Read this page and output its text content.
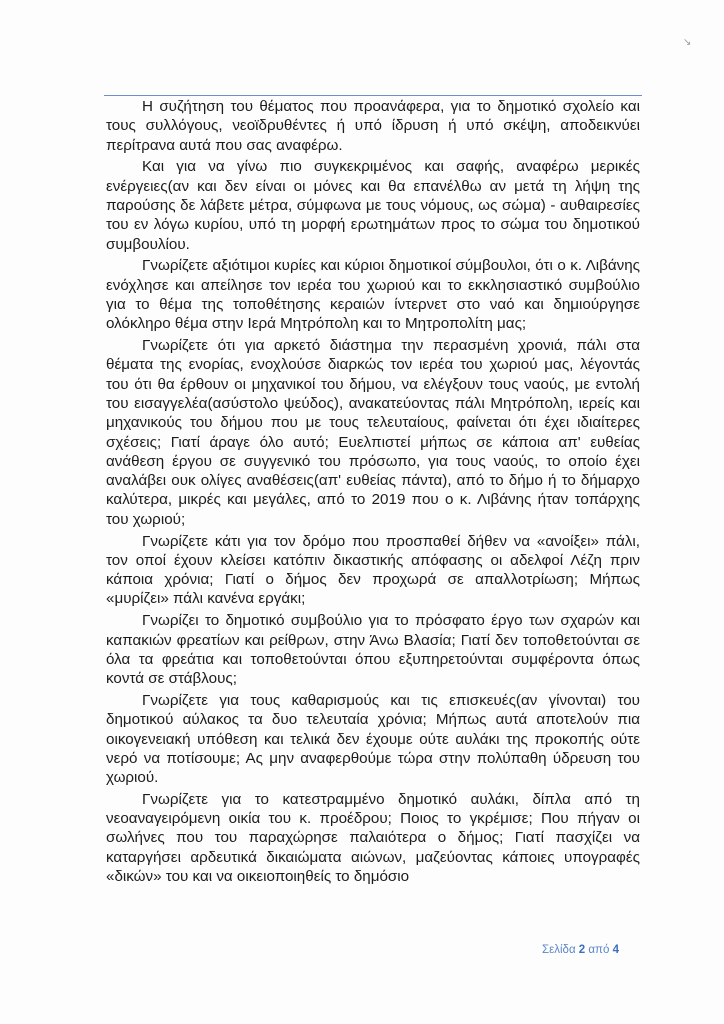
↘

Η συζήτηση του θέματος που προανάφερα, για το δημοτικό σχολείο και τους συλλόγους, νεοϊδρυθέντες ή υπό ίδρυση ή υπό σκέψη, αποδεικνύει περίτρανα αυτά που σας αναφέρω.

Και για να γίνω πιο συγκεκριμένος και σαφής, αναφέρω μερικές ενέργειες(αν και δεν είναι οι μόνες και θα επανέλθω αν μετά τη λήψη της παρούσης δε λάβετε μέτρα, σύμφωνα με τους νόμους, ως σώμα) - αυθαιρεσίες του εν λόγω κυρίου, υπό τη μορφή ερωτημάτων προς το σώμα του δημοτικού συμβουλίου.

Γνωρίζετε αξιότιμοι κυρίες και κύριοι δημοτικοί σύμβουλοι, ότι ο κ. Λιβάνης ενόχλησε και απείλησε τον ιερέα του χωριού και το εκκλησιαστικό συμβούλιο για το θέμα της τοποθέτησης κεραιών ίντερνετ στο ναό και δημιούργησε ολόκληρο θέμα στην Ιερά Μητρόπολη και το Μητροπολίτη μας;

Γνωρίζετε ότι για αρκετό διάστημα την περασμένη χρονιά, πάλι στα θέματα της ενορίας, ενοχλούσε διαρκώς τον ιερέα του χωριού μας, λέγοντάς του ότι θα έρθουν οι μηχανικοί του δήμου, να ελέγξουν τους ναούς, με εντολή του εισαγγελέα(ασύστολο ψεύδος), ανακατεύοντας πάλι Μητρόπολη, ιερείς και μηχανικούς του δήμου που με τους τελευταίους, φαίνεται ότι έχει ιδιαίτερες σχέσεις; Γιατί άραγε όλο αυτό; Ευελπιστεί μήπως σε κάποια απ' ευθείας ανάθεση έργου σε συγγενικό του πρόσωπο, για τους ναούς, το οποίο έχει αναλάβει ουκ ολίγες αναθέσεις(απ' ευθείας πάντα), από το δήμο ή το δήμαρχο καλύτερα, μικρές και μεγάλες, από το 2019 που ο κ. Λιβάνης ήταν τοπάρχης του χωριού;

Γνωρίζετε κάτι για τον δρόμο που προσπαθεί δήθεν να «ανοίξει» πάλι, τον οποί έχουν κλείσει κατόπιν δικαστικής απόφασης οι αδελφοί Λέζη πριν κάποια χρόνια; Γιατί ο δήμος δεν προχωρά σε απαλλοτρίωση; Μήπως «μυρίζει» πάλι κανένα εργάκι;

Γνωρίζει το δημοτικό συμβούλιο για το πρόσφατο έργο των σχαρών και καπακιών φρεατίων και ρείθρων, στην Άνω Βλασία; Γιατί δεν τοποθετούνται σε όλα τα φρεάτια και τοποθετούνται όπου εξυπηρετούνται συμφέροντα όπως κοντά σε στάβλους;

Γνωρίζετε για τους καθαρισμούς και τις επισκευές(αν γίνονται) του δημοτικού αύλακος τα δυο τελευταία χρόνια; Μήπως αυτά αποτελούν πια οικογενειακή υπόθεση και τελικά δεν έχουμε ούτε αυλάκι της προκοπής ούτε νερό να ποτίσουμε; Ας μην αναφερθούμε τώρα στην πολύπαθη ύδρευση του χωριού.

Γνωρίζετε για το κατεστραμμένο δημοτικό αυλάκι, δίπλα από τη νεοαναγειρόμενη οικία του κ. προέδρου; Ποιος το γκρέμισε; Που πήγαν οι σωλήνες που του παραχώρησε παλαιότερα ο δήμος; Γιατί πασχίζει να καταργήσει αρδευτικά δικαιώματα αιώνων, μαζεύοντας κάποιες υπογραφές «δικών» του και να οικειοποιηθείς το δημόσιο

Σελίδα 2 από 4
